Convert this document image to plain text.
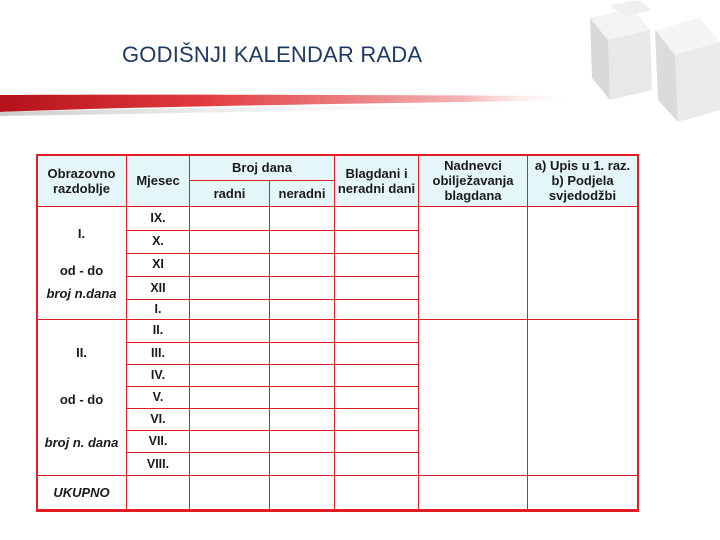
GODIŠNJI KALENDAR RADA
Obrazovno razdoblje	Mjesec	Broj dana		Blagdani i neradni dani	Nadnevci obilježavanja blagdana	a) Upis u 1. raz. b) Podjela svjedodžbi
		radni	neradni			

I.
od - do
broj n.dana	IX.					
	X.					
	XI					
	XII					
	I.					

II.
od - do
broj n. dana	II.					
	III.					
	IV.					
	V.					
	VI.					
	VII.					
	VIII.					
UKUPNO						
